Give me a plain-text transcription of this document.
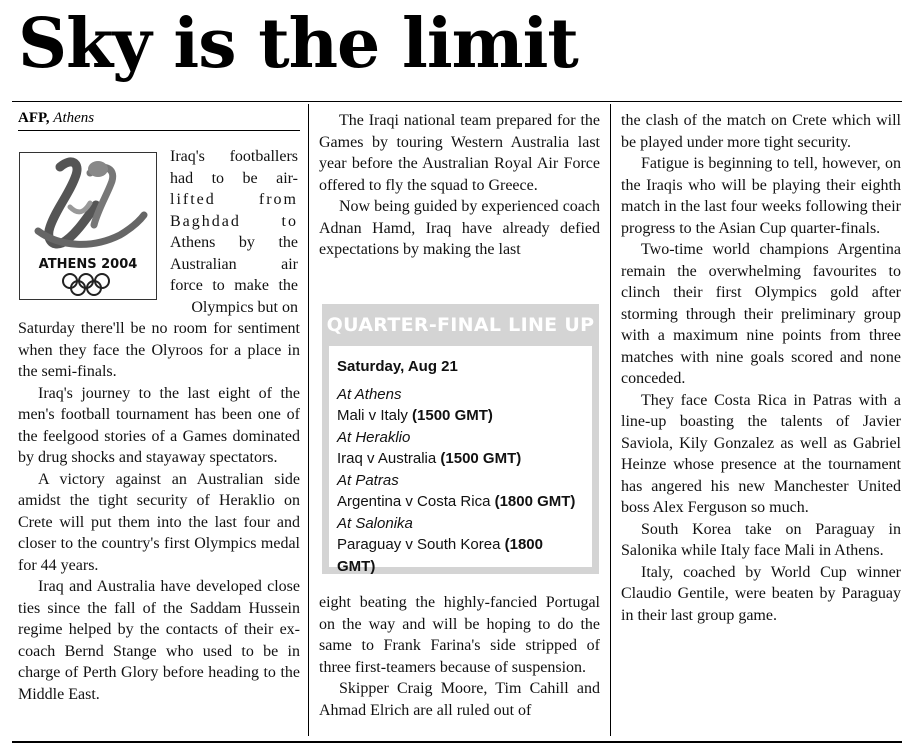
Sky is the limit
AFP, Athens
ATHENS 2004

Iraq's footballers

had to be air-

lifted from

Baghdad to

Athens by the

Australian air

force to make the

Olympics but on

Saturday there'll be no room for sentiment when they face the Olyroos for a place in the semi-finals.

Iraq's journey to the last eight of the men's football tournament has been one of the feelgood stories of a Games dominated by drug shocks and stayaway spectators.

A victory against an Australian side amidst the tight security of Heraklio on Crete will put them into the last four and closer to the country's first Olympics medal for 44 years.

Iraq and Australia have developed close ties since the fall of the Saddam Hussein regime helped by the contacts of their ex-coach Bernd Stange who used to be in charge of Perth Glory before heading to the Middle East.

The Iraqi national team prepared for the Games by touring Western Australia last year before the Australian Royal Air Force offered to fly the squad to Greece.

Now being guided by experienced coach Adnan Hamd, Iraq have already defied expectations by making the last

QUARTER-FINAL LINE UP
Saturday, Aug 21
At Athens
Mali v Italy (1500 GMT)
At Heraklio
Iraq v Australia (1500 GMT)
At Patras
Argentina v Costa Rica (1800 GMT)
At Salonika
Paraguay v South Korea (1800 GMT)

eight beating the highly-fancied Portugal on the way and will be hoping to do the same to Frank Farina's side stripped of three first-teamers because of suspension.

Skipper Craig Moore, Tim Cahill and Ahmad Elrich are all ruled out of

the clash of the match on Crete which will be played under more tight security.

Fatigue is beginning to tell, however, on the Iraqis who will be playing their eighth match in the last four weeks following their progress to the Asian Cup quarter-finals.

Two-time world champions Argentina remain the overwhelming favourites to clinch their first Olympics gold after storming through their preliminary group with a maximum nine points from three matches with nine goals scored and none conceded.

They face Costa Rica in Patras with a line-up boasting the talents of Javier Saviola, Kily Gonzalez as well as Gabriel Heinze whose presence at the tournament has angered his new Manchester United boss Alex Ferguson so much.

South Korea take on Paraguay in Salonika while Italy face Mali in Athens.

Italy, coached by World Cup winner Claudio Gentile, were beaten by Paraguay in their last group game.
